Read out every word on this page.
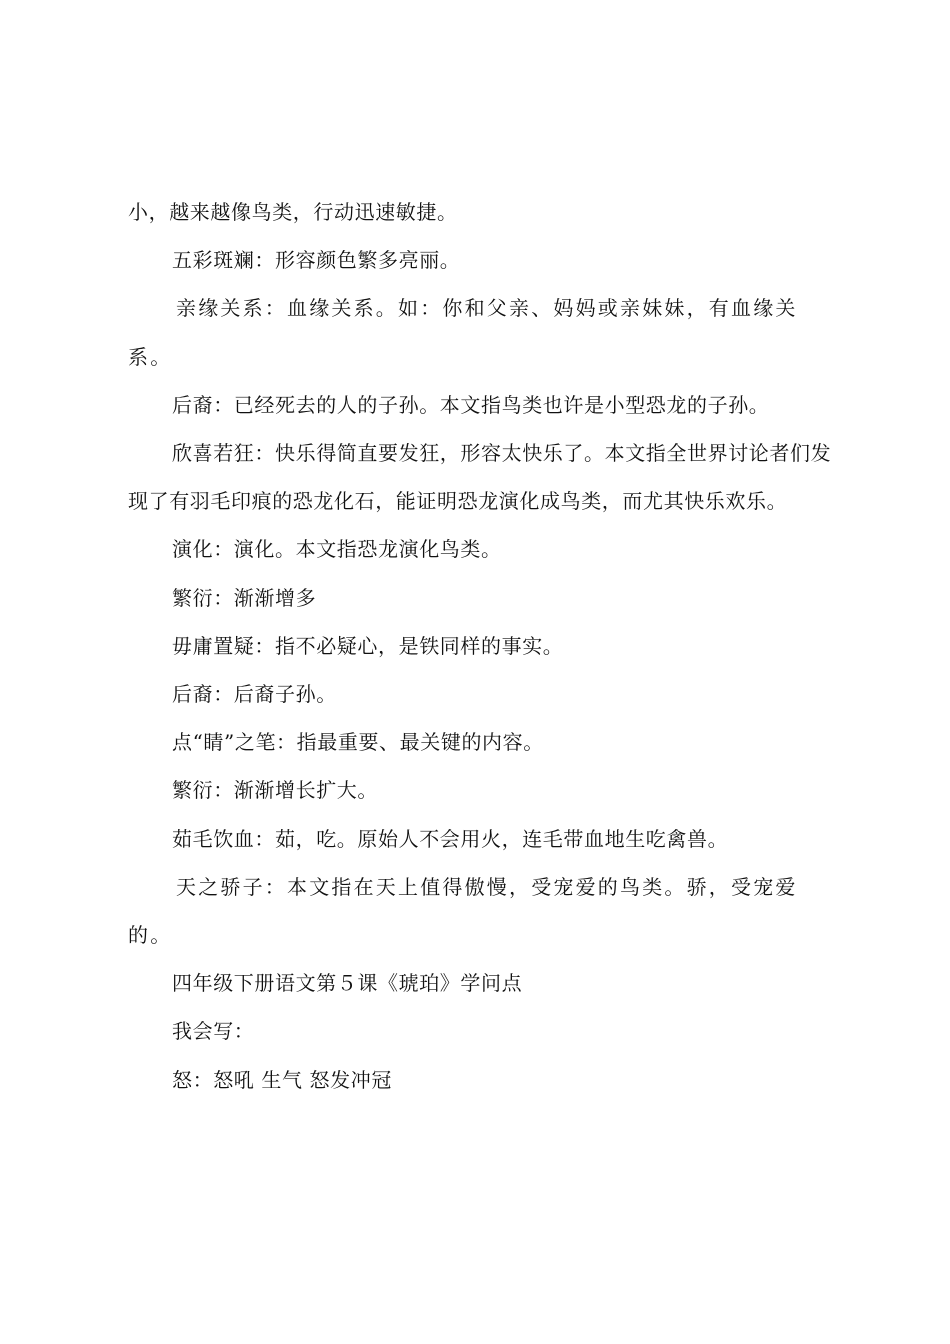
小，越来越像鸟类，行动迅速敏捷。

五彩斑斓：形容颜色繁多亮丽。

亲缘关系：血缘关系。如：你和父亲、妈妈或亲妹妹，有血缘关系。

后裔：已经死去的人的子孙。本文指鸟类也许是小型恐龙的子孙。

欣喜若狂：快乐得简直要发狂，形容太快乐了。本文指全世界讨论者们发现了有羽毛印痕的恐龙化石，能证明恐龙演化成鸟类，而尤其快乐欢乐。

演化：演化。本文指恐龙演化鸟类。

繁衍：渐渐增多

毋庸置疑：指不必疑心，是铁同样的事实。

后裔：后裔子孙。

点“睛”之笔：指最重要、最关键的内容。

繁衍：渐渐增长扩大。

茹毛饮血：茹，吃。原始人不会用火，连毛带血地生吃禽兽。

天之骄子：本文指在天上值得傲慢，受宠爱的鸟类。骄，受宠爱的。

四年级下册语文第５课《琥珀》学问点

我会写：

怒：怒吼 生气 怒发冲冠
